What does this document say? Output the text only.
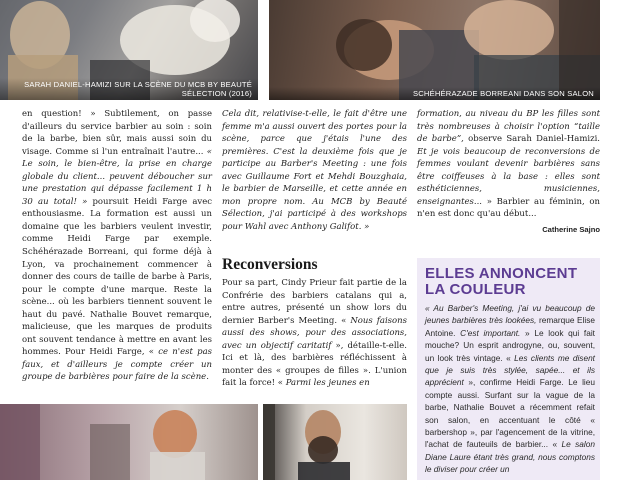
SARAH DANIEL-HAMIZI SUR LA SCÈNE DU MCB BY BEAUTÉ SÉLECTION (2016)	SCHÉHÉRAZADE BORREANI DANS SON SALON

en question! » Subtilement, on passe d'ailleurs du service barbier au soin : soin de la barbe, bien sûr, mais aussi soin du visage. Comme si l'un entraînait l'autre... « Le soin, le bien-être, la prise en charge globale du client... peuvent déboucher sur une prestation qui dépasse facilement 1 h 30 au total! » poursuit Heidi Farge avec enthousiasme. La formation est aussi un domaine que les barbiers veulent investir, comme Heidi Farge par exemple. Schéhérazade Borreani, qui forme déjà à Lyon, va prochainement commencer à donner des cours de taille de barbe à Paris, pour le compte d'une marque. Reste la scène... où les barbiers tiennent souvent le haut du pavé. Nathalie Bouvet remarque, malicieuse, que les marques de produits ont souvent tendance à mettre en avant les hommes. Pour Heidi Farge, « ce n'est pas faux, et d'ailleurs je compte créer un groupe de barbières pour faire de la scène.

Cela dit, relativise-t-elle, le fait d'être une femme m'a aussi ouvert des portes pour la scène, parce que j'étais l'une des premières. C'est la deuxième fois que je participe au Barber's Meeting : une fois avec Guillaume Fort et Mehdi Bouzghaia, le barbier de Marseille, et cette année en mon propre nom. Au MCB by Beauté Sélection, j'ai participé à des workshops pour Wahl avec Anthony Galifot. »

Reconversions

Pour sa part, Cindy Prieur fait partie de la Confrérie des barbiers catalans qui a, entre autres, présenté un show lors du dernier Barber's Meeting. « Nous faisons aussi des shows, pour des associations, avec un objectif caritatif », détaille-t-elle. Ici et là, des barbières réfléchissent à monter des « groupes de filles ». L'union fait la force! « Parmi les jeunes en

formation, au niveau du BP les filles sont très nombreuses à choisir l'option “taille de barbe”, observe Sarah Daniel-Hamizi. Et je vois beaucoup de reconversions de femmes voulant devenir barbières sans être coiffeuses à la base : elles sont esthéticiennes, musiciennes, enseignantes... » Barbier au féminin, on n'en est donc qu'au début...

Catherine Sajno
ELLES ANNONCENT LA COULEUR
« Au Barber's Meeting, j'ai vu beaucoup de jeunes barbières très lookées, remarque Elise Antoine. C'est important. » Le look qui fait mouche? Un esprit androgyne, ou, souvent, un look très vintage. « Les clients me disent que je suis très stylée, sapée... et ils apprécient », confirme Heidi Farge. Le lieu compte aussi. Surfant sur la vague de la barbe, Nathalie Bouvet a récemment refait son salon, en accentuant le côté « barbershop », par l'agencement de la vitrine, l'achat de fauteuils de barbier... « Le salon Diane Laure étant très grand, nous comptons le diviser pour créer un
